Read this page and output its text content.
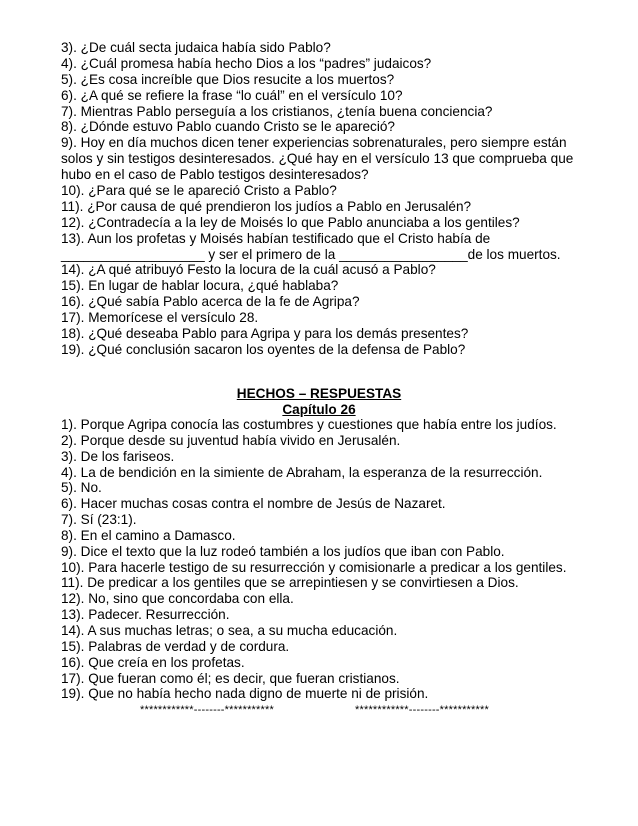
3). ¿De cuál secta judaica había sido Pablo?
4). ¿Cuál promesa había hecho Dios a los “padres” judaicos?
5). ¿Es cosa increíble que Dios resucite a los muertos?
6). ¿A qué se refiere la frase “lo cuál” en el versículo 10?
7). Mientras Pablo perseguía a los cristianos, ¿tenía buena conciencia?
8). ¿Dónde estuvo Pablo cuando Cristo se le apareció?
9). Hoy en día muchos dicen tener experiencias sobrenaturales, pero siempre están
solos y sin testigos desinteresados. ¿Qué hay en el versículo 13 que comprueba que
hubo en el caso de Pablo testigos desinteresados?
10). ¿Para qué se le apareció Cristo a Pablo?
11). ¿Por causa de qué prendieron los judíos a Pablo en Jerusalén?
12). ¿Contradecía a la ley de Moisés lo que Pablo anunciaba a los gentiles?
13). Aun los profetas y Moisés habían testificado que el Cristo había de
___________________ y ser el primero de la _________________de los muertos.
14). ¿A qué atribuyó Festo la locura de la cuál acusó a Pablo?
15). En lugar de hablar locura, ¿qué hablaba?
16). ¿Qué sabía Pablo acerca de la fe de Agripa?
17). Memorícese el versículo 28.
18). ¿Qué deseaba Pablo para Agripa y para los demás presentes?
19). ¿Qué conclusión sacaron los oyentes de la defensa de Pablo?
HECHOS – RESPUESTAS
Capítulo 26
1). Porque Agripa conocía las costumbres y cuestiones que había entre los judíos.
2). Porque desde su juventud había vivido en Jerusalén.
3). De los fariseos.
4). La de bendición en la simiente de Abraham, la esperanza de la resurrección.
5). No.
6). Hacer muchas cosas contra el nombre de Jesús de Nazaret.
7). Sí (23:1).
8). En el camino a Damasco.
9). Dice el texto que la luz rodeó también a los judíos que iban con Pablo.
10). Para hacerle testigo de su resurrección y comisionarle a predicar a los gentiles.
11). De predicar a los gentiles que se arrepintiesen y se convirtiesen a Dios.
12). No, sino que concordaba con ella.
13). Padecer. Resurrección.
14). A sus muchas letras; o sea, a su mucha educación.
15). Palabras de verdad y de cordura.
16). Que creía en los profetas.
17). Que fueran como él; es decir, que fueran cristianos.
19). Que no había hecho nada digno de muerte ni de prisión.
************--------***********	************--------***********
